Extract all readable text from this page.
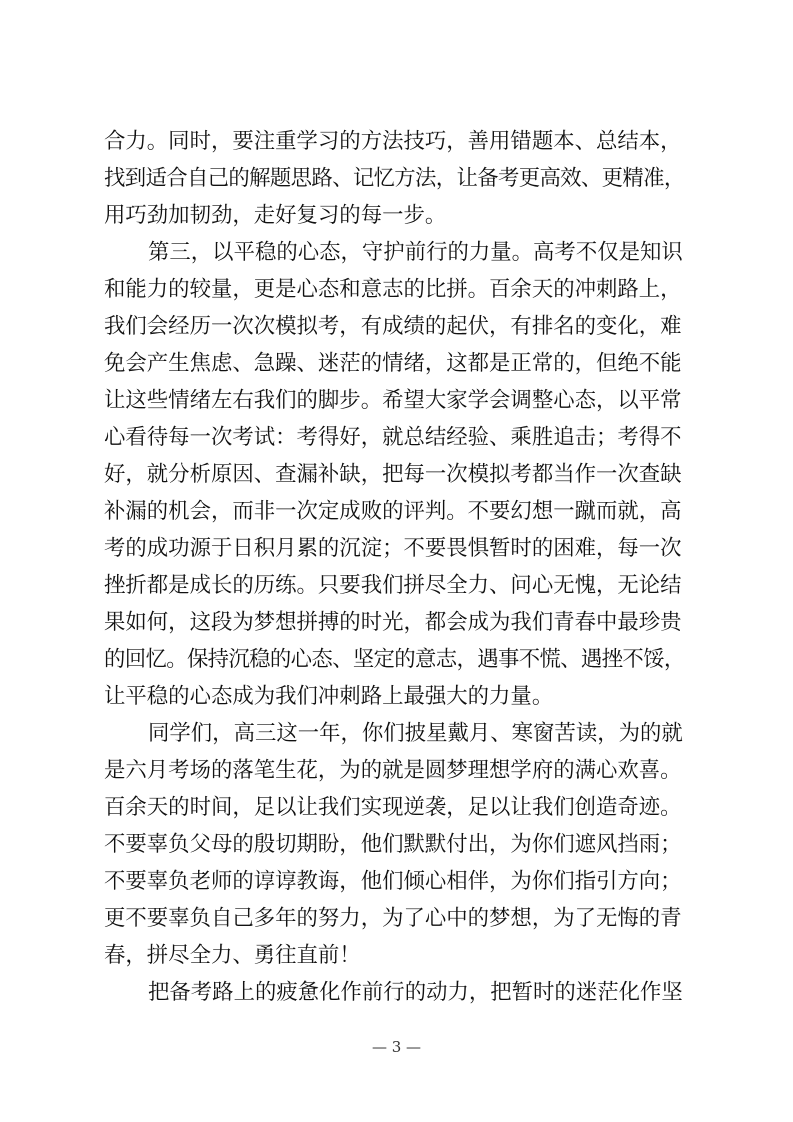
合力。同时，要注重学习的方法技巧，善用错题本、总结本，
找到适合自己的解题思路、记忆方法，让备考更高效、更精准，
用巧劲加韧劲，走好复习的每一步。
第三，以平稳的心态，守护前行的力量。高考不仅是知识
和能力的较量，更是心态和意志的比拼。百余天的冲刺路上，
我们会经历一次次模拟考，有成绩的起伏，有排名的变化，难
免会产生焦虑、急躁、迷茫的情绪，这都是正常的，但绝不能
让这些情绪左右我们的脚步。希望大家学会调整心态，以平常
心看待每一次考试：考得好，就总结经验、乘胜追击；考得不
好，就分析原因、查漏补缺，把每一次模拟考都当作一次查缺
补漏的机会，而非一次定成败的评判。不要幻想一蹴而就，高
考的成功源于日积月累的沉淀；不要畏惧暂时的困难，每一次
挫折都是成长的历练。只要我们拼尽全力、问心无愧，无论结
果如何，这段为梦想拼搏的时光，都会成为我们青春中最珍贵
的回忆。保持沉稳的心态、坚定的意志，遇事不慌、遇挫不馁，
让平稳的心态成为我们冲刺路上最强大的力量。
同学们，高三这一年，你们披星戴月、寒窗苦读，为的就
是六月考场的落笔生花，为的就是圆梦理想学府的满心欢喜。
百余天的时间，足以让我们实现逆袭，足以让我们创造奇迹。
不要辜负父母的殷切期盼，他们默默付出，为你们遮风挡雨；
不要辜负老师的谆谆教诲，他们倾心相伴，为你们指引方向；
更不要辜负自己多年的努力，为了心中的梦想，为了无悔的青
春，拼尽全力、勇往直前！
把备考路上的疲惫化作前行的动力，把暂时的迷茫化作坚
— 3 —
